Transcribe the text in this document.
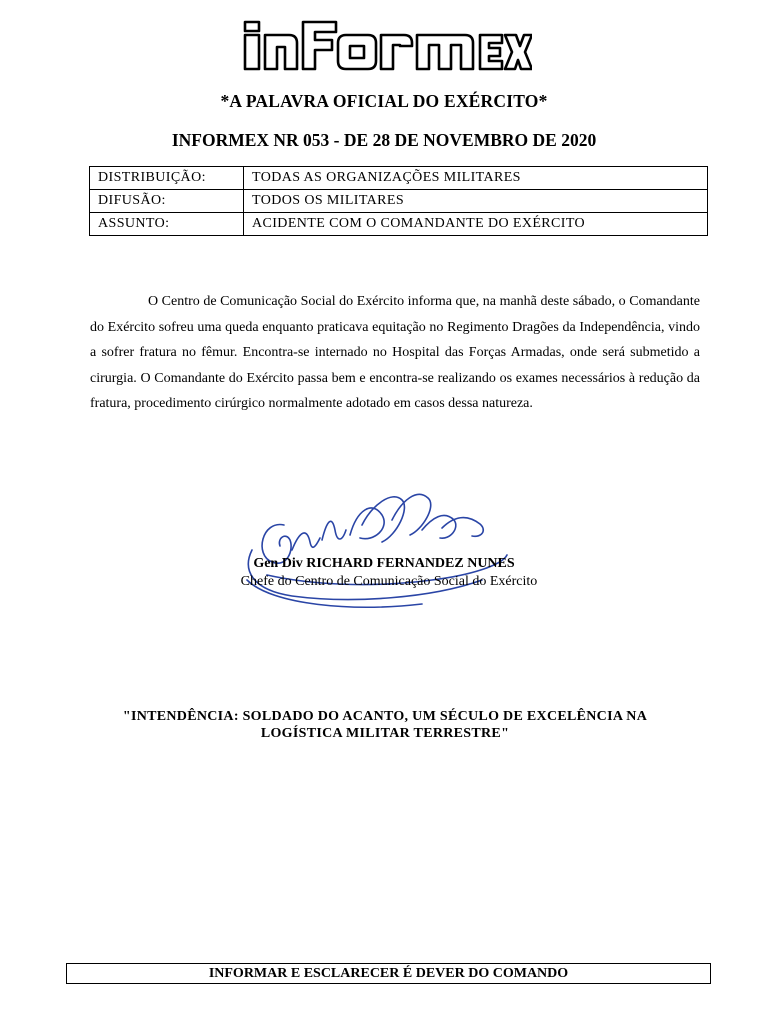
*A PALAVRA OFICIAL DO EXÉRCITO*
INFORMEX NR 053 - DE 28 DE NOVEMBRO DE 2020
DISTRIBUIÇÃO:	TODAS AS ORGANIZAÇÕES MILITARES
DIFUSÃO:	TODOS OS MILITARES
ASSUNTO:	ACIDENTE COM O COMANDANTE DO EXÉRCITO

O Centro de Comunicação Social do Exército informa que, na manhã deste sábado, o Comandante do Exército sofreu uma queda enquanto praticava equitação no Regimento Dragões da Independência, vindo a sofrer fratura no fêmur. Encontra-se internado no Hospital das Forças Armadas, onde será submetido a cirurgia. O Comandante do Exército passa bem e encontra-se realizando os exames necessários à redução da fratura, procedimento cirúrgico normalmente adotado em casos dessa natureza.

Gen Div RICHARD FERNANDEZ NUNES
Chefe do Centro de Comunicação Social do Exército
"INTENDÊNCIA: SOLDADO DO ACANTO, UM SÉCULO DE EXCELÊNCIA NA LOGÍSTICA MILITAR TERRESTRE"
INFORMAR E ESCLARECER É DEVER DO COMANDO
